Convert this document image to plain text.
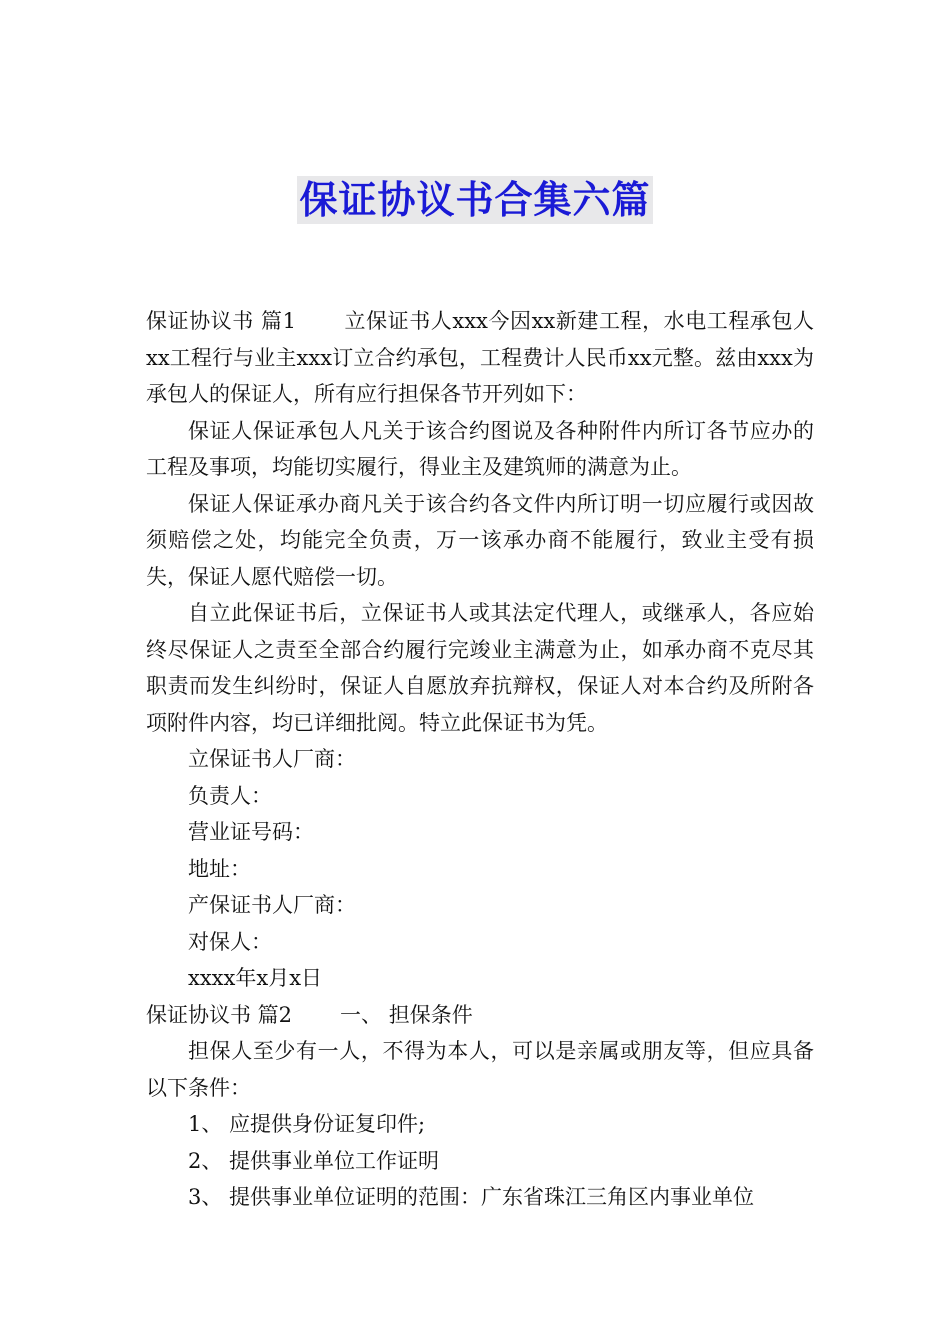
保证协议书合集六篇

保证协议书 篇1 立保证书人xxx今因xx新建工程，水电工程承包人xx工程行与业主xxx订立合约承包，工程费计人民币xx元整。兹由xxx为承包人的保证人，所有应行担保各节开列如下：

保证人保证承包人凡关于该合约图说及各种附件内所订各节应办的工程及事项，均能切实履行，得业主及建筑师的满意为止。

保证人保证承办商凡关于该合约各文件内所订明一切应履行或因故须赔偿之处，均能完全负责，万一该承办商不能履行，致业主受有损失，保证人愿代赔偿一切。

自立此保证书后，立保证书人或其法定代理人，或继承人，各应始终尽保证人之责至全部合约履行完竣业主满意为止，如承办商不克尽其职责而发生纠纷时，保证人自愿放弃抗辩权，保证人对本合约及所附各项附件内容，均已详细批阅。特立此保证书为凭。

立保证书人厂商：

负责人：

营业证号码：

地址：

产保证书人厂商：

对保人：

xxxx年x月x日

保证协议书 篇2 一、 担保条件

担保人至少有一人，不得为本人，可以是亲属或朋友等，但应具备以下条件：

1、 应提供身份证复印件;

2、 提供事业单位工作证明

3、 提供事业单位证明的范围：广东省珠江三角区内事业单位
